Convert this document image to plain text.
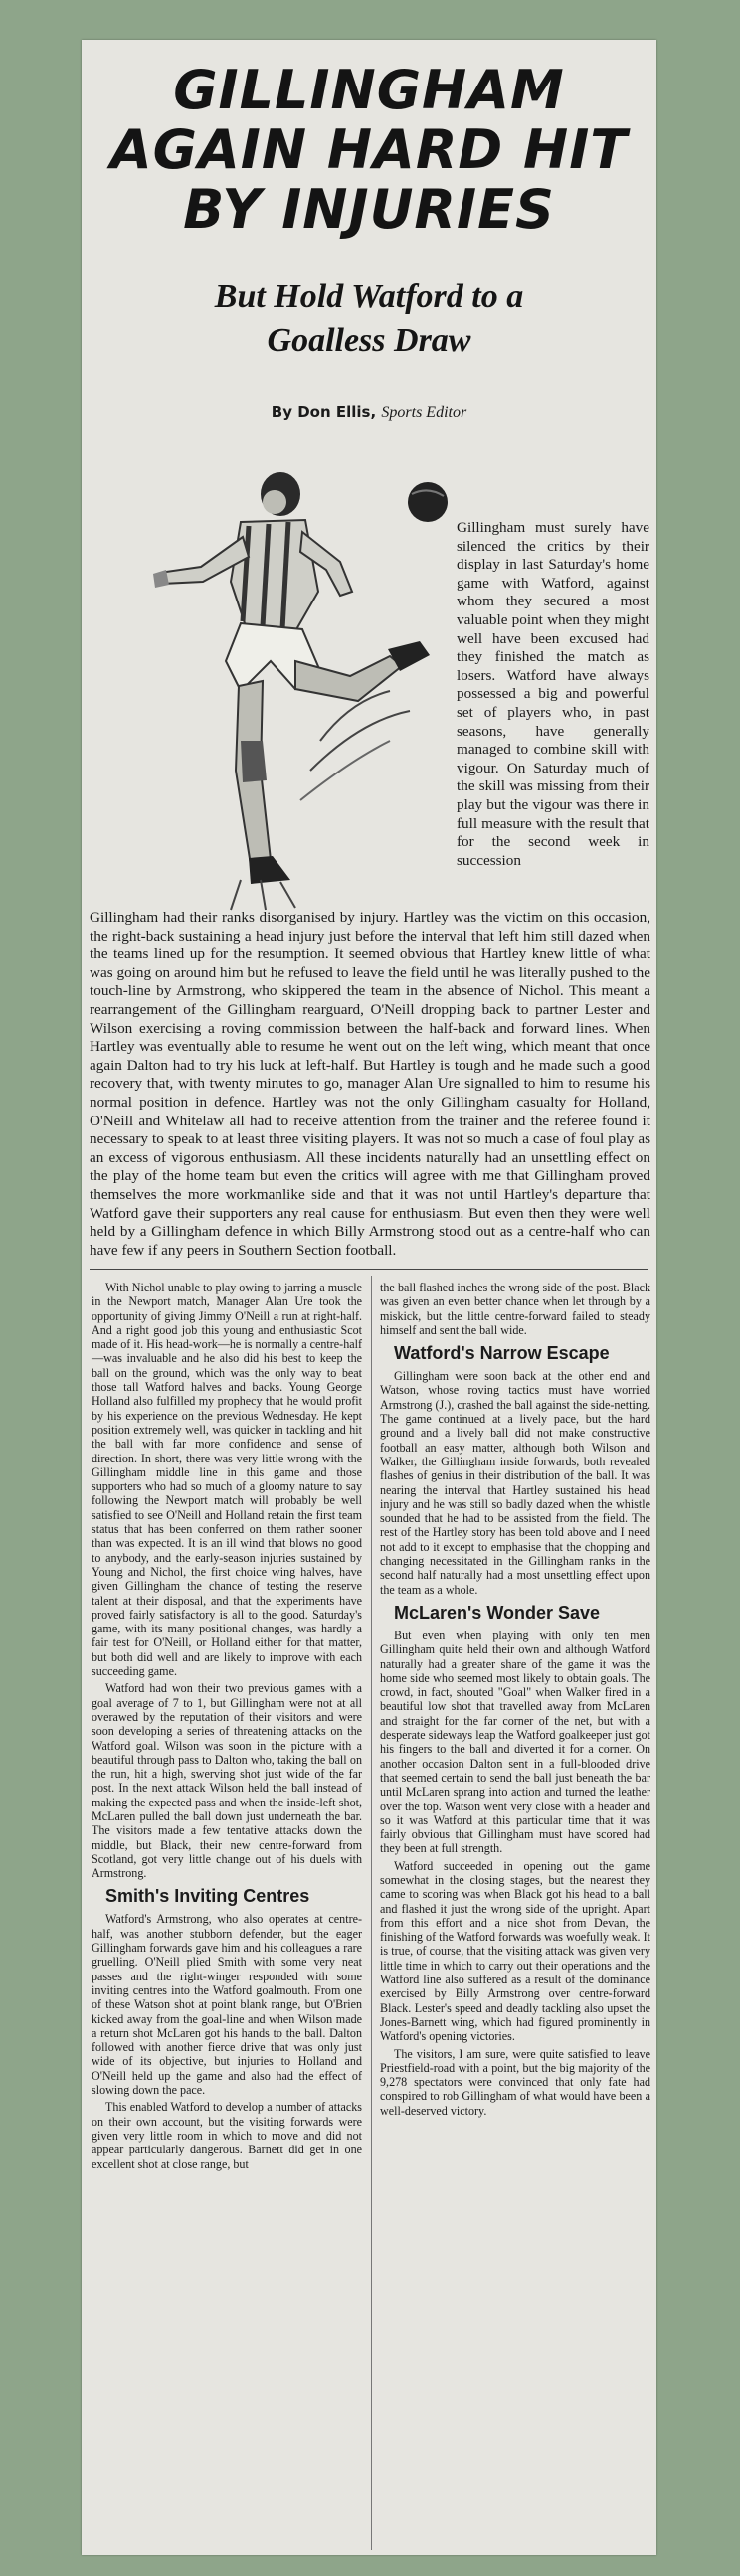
GILLINGHAM
AGAIN HARD HIT
BY INJURIES
But Hold Watford to a
Goalless Draw
By Don Ellis, Sports Editor

Gillingham must surely have silenced the critics by their display in last Saturday's home game with Watford, against whom they secured a most valuable point when they might well have been excused had they finished the match as losers. Watford have always possessed a big and powerful set of players who, in past seasons, have generally managed to combine skill with vigour. On Saturday much of the skill was missing from their play but the vigour was there in full measure with the result that for the second week in succession

Gillingham had their ranks disorganised by injury. Hartley was the victim on this occasion, the right-back sustaining a head injury just before the interval that left him still dazed when the teams lined up for the resumption. It seemed obvious that Hartley knew little of what was going on around him but he refused to leave the field until he was literally pushed to the touch-line by Armstrong, who skippered the team in the absence of Nichol. This meant a rearrangement of the Gillingham rearguard, O'Neill dropping back to partner Lester and Wilson exercising a roving commission between the half-back and forward lines. When Hartley was eventually able to resume he went out on the left wing, which meant that once again Dalton had to try his luck at left-half. But Hartley is tough and he made such a good recovery that, with twenty minutes to go, manager Alan Ure signalled to him to resume his normal position in defence. Hartley was not the only Gillingham casualty for Holland, O'Neill and Whitelaw all had to receive attention from the trainer and the referee found it necessary to speak to at least three visiting players. It was not so much a case of foul play as an excess of vigorous enthusiasm. All these incidents naturally had an unsettling effect on the play of the home team but even the critics will agree with me that Gillingham proved themselves the more workmanlike side and that it was not until Hartley's departure that Watford gave their supporters any real cause for enthusiasm. But even then they were well held by a Gillingham defence in which Billy Armstrong stood out as a centre-half who can have few if any peers in Southern Section football.

With Nichol unable to play owing to jarring a muscle in the Newport match, Manager Alan Ure took the opportunity of giving Jimmy O'Neill a run at right-half. And a right good job this young and enthusiastic Scot made of it. His head-work—he is normally a centre-half—was invaluable and he also did his best to keep the ball on the ground, which was the only way to beat those tall Watford halves and backs. Young George Holland also fulfilled my prophecy that he would profit by his experience on the previous Wednesday. He kept position extremely well, was quicker in tackling and hit the ball with far more confidence and sense of direction. In short, there was very little wrong with the Gillingham middle line in this game and those supporters who had so much of a gloomy nature to say following the Newport match will probably be well satisfied to see O'Neill and Holland retain the first team status that has been conferred on them rather sooner than was expected. It is an ill wind that blows no good to anybody, and the early-season injuries sustained by Young and Nichol, the first choice wing halves, have given Gillingham the chance of testing the reserve talent at their disposal, and that the experiments have proved fairly satisfactory is all to the good. Saturday's game, with its many positional changes, was hardly a fair test for O'Neill, or Holland either for that matter, but both did well and are likely to improve with each succeeding game.

Watford had won their two previous games with a goal average of 7 to 1, but Gillingham were not at all overawed by the reputation of their visitors and were soon developing a series of threatening attacks on the Watford goal. Wilson was soon in the picture with a beautiful through pass to Dalton who, taking the ball on the run, hit a high, swerving shot just wide of the far post. In the next attack Wilson held the ball instead of making the expected pass and when the inside-left shot, McLaren pulled the ball down just underneath the bar. The visitors made a few tentative attacks down the middle, but Black, their new centre-forward from Scotland, got very little change out of his duels with Armstrong.

Smith's Inviting Centres

Watford's Armstrong, who also operates at centre-half, was another stubborn defender, but the eager Gillingham forwards gave him and his colleagues a rare gruelling. O'Neill plied Smith with some very neat passes and the right-winger responded with some inviting centres into the Watford goalmouth. From one of these Watson shot at point blank range, but O'Brien kicked away from the goal-line and when Wilson made a return shot McLaren got his hands to the ball. Dalton followed with another fierce drive that was only just wide of its objective, but injuries to Holland and O'Neill held up the game and also had the effect of slowing down the pace.

This enabled Watford to develop a number of attacks on their own account, but the visiting forwards were given very little room in which to move and did not appear particularly dangerous. Barnett did get in one excellent shot at close range, but

the ball flashed inches the wrong side of the post. Black was given an even better chance when let through by a miskick, but the little centre-forward failed to steady himself and sent the ball wide.

Watford's Narrow Escape

Gillingham were soon back at the other end and Watson, whose roving tactics must have worried Armstrong (J.), crashed the ball against the side-netting. The game continued at a lively pace, but the hard ground and a lively ball did not make constructive football an easy matter, although both Wilson and Walker, the Gillingham inside forwards, both revealed flashes of genius in their distribution of the ball. It was nearing the interval that Hartley sustained his head injury and he was still so badly dazed when the whistle sounded that he had to be assisted from the field. The rest of the Hartley story has been told above and I need not add to it except to emphasise that the chopping and changing necessitated in the Gillingham ranks in the second half naturally had a most unsettling effect upon the team as a whole.

McLaren's Wonder Save

But even when playing with only ten men Gillingham quite held their own and although Watford naturally had a greater share of the game it was the home side who seemed most likely to obtain goals. The crowd, in fact, shouted "Goal" when Walker fired in a beautiful low shot that travelled away from McLaren and straight for the far corner of the net, but with a desperate sideways leap the Watford goalkeeper just got his fingers to the ball and diverted it for a corner. On another occasion Dalton sent in a full-blooded drive that seemed certain to send the ball just beneath the bar until McLaren sprang into action and turned the leather over the top. Watson went very close with a header and so it was Watford at this particular time that it was fairly obvious that Gillingham must have scored had they been at full strength.

Watford succeeded in opening out the game somewhat in the closing stages, but the nearest they came to scoring was when Black got his head to a ball and flashed it just the wrong side of the upright. Apart from this effort and a nice shot from Devan, the finishing of the Watford forwards was woefully weak. It is true, of course, that the visiting attack was given very little time in which to carry out their operations and the Watford line also suffered as a result of the dominance exercised by Billy Armstrong over centre-forward Black. Lester's speed and deadly tackling also upset the Jones-Barnett wing, which had figured prominently in Watford's opening victories.

The visitors, I am sure, were quite satisfied to leave Priestfield-road with a point, but the big majority of the 9,278 spectators were convinced that only fate had conspired to rob Gillingham of what would have been a well-deserved victory.
